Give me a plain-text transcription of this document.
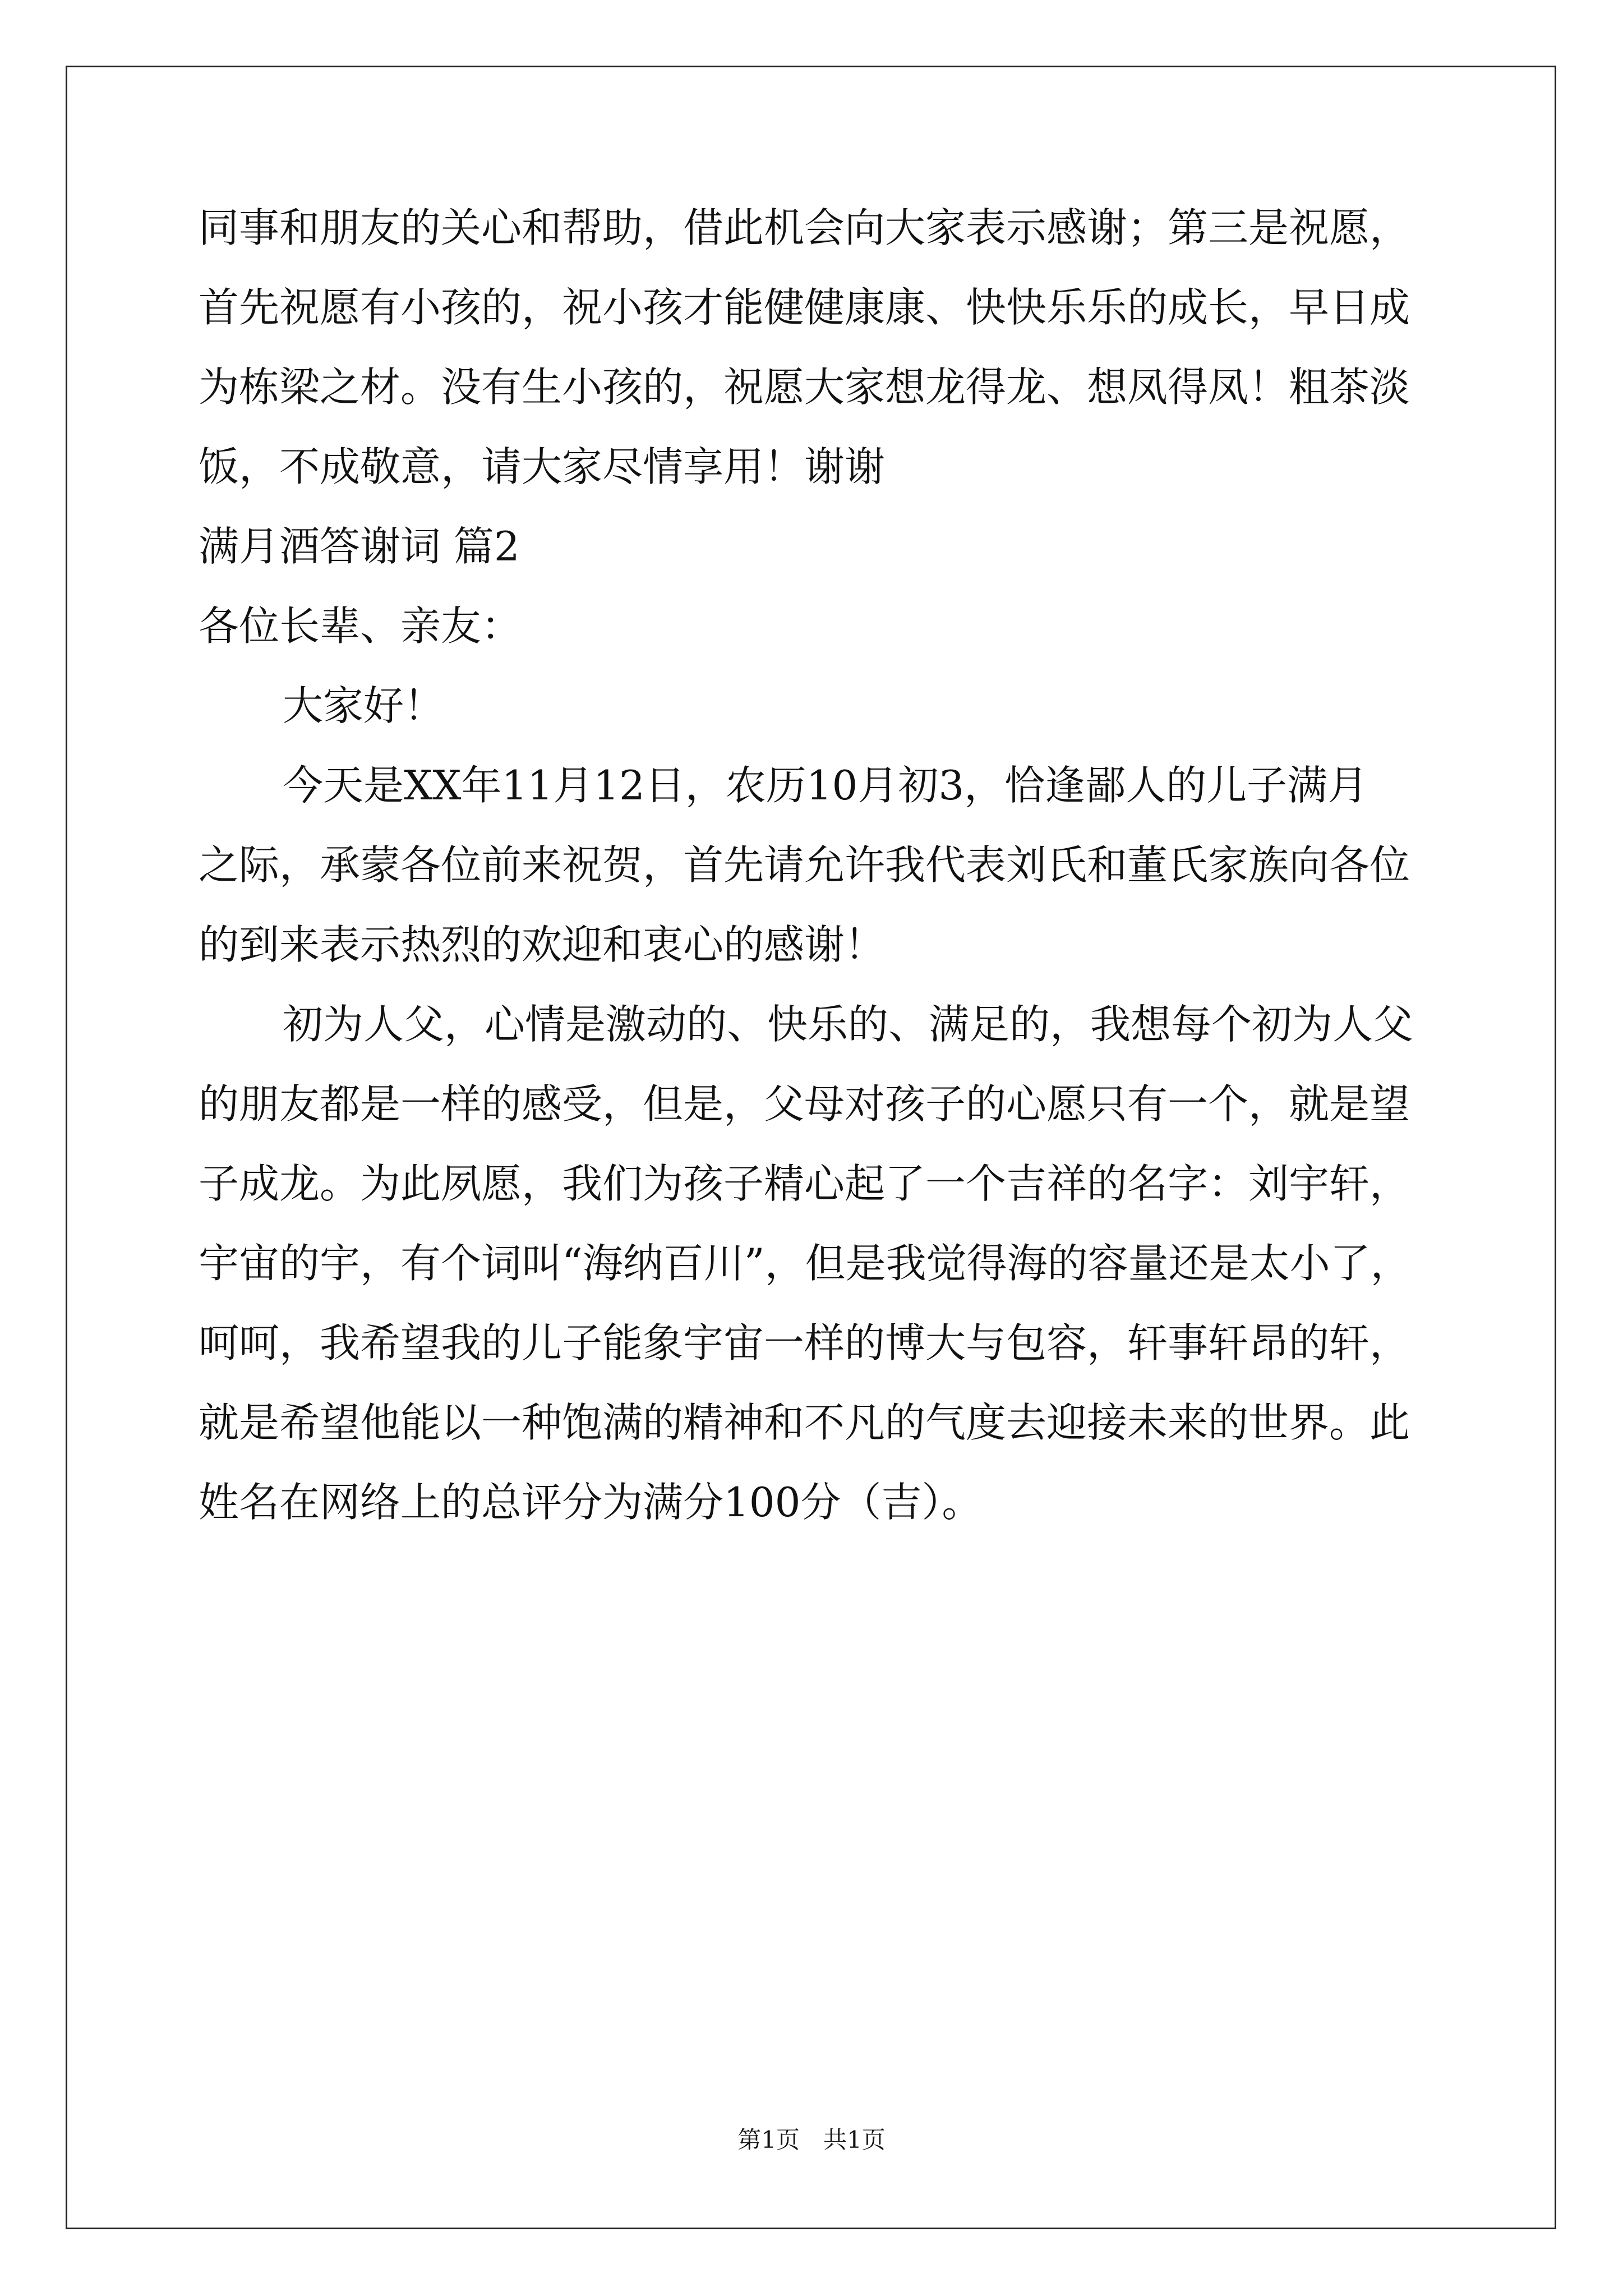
同事和朋友的关心和帮助，借此机会向大家表示感谢；第三是祝愿，
首先祝愿有小孩的，祝小孩才能健健康康、快快乐乐的成长，早日成
为栋梁之材。没有生小孩的，祝愿大家想龙得龙、想凤得凤！粗茶淡
饭，不成敬意，请大家尽情享用！谢谢
满月酒答谢词 篇2
各位长辈、亲友：
大家好！
今天是XX年11月12日，农历10月初3，恰逢鄙人的儿子满月
之际，承蒙各位前来祝贺，首先请允许我代表刘氏和董氏家族向各位
的到来表示热烈的欢迎和衷心的感谢！
初为人父，心情是激动的、快乐的、满足的，我想每个初为人父
的朋友都是一样的感受，但是，父母对孩子的心愿只有一个，就是望
子成龙。为此夙愿，我们为孩子精心起了一个吉祥的名字：刘宇轩，
宇宙的宇，有个词叫“海纳百川”，但是我觉得海的容量还是太小了，
呵呵，我希望我的儿子能象宇宙一样的博大与包容，轩事轩昂的轩，
就是希望他能以一种饱满的精神和不凡的气度去迎接未来的世界。此
姓名在网络上的总评分为满分100分（吉）。
第1页　共1页
